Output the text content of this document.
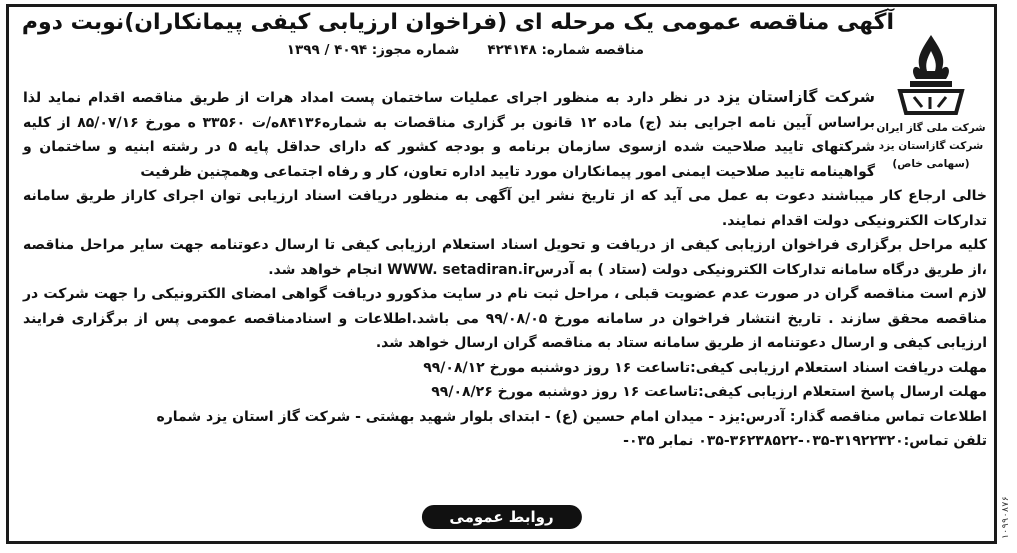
آگهی مناقصه عمومی یک مرحله ای (فراخوان ارزیابی کیفی پیمانکاران)نوبت دوم

مناقصه شماره: ۴۲۴۱۴۸شماره مجوز: ۴۰۹۴ / ۱۳۹۹

شرکت ملی گاز ایران
شرکت گازاستان یزد
(سهامی خاص)

شرکت گازاستان یزد در نظر دارد به منظور اجرای عملیات ساختمان پست امداد هرات از طریق مناقصه اقدام نماید لذا براساس آیین نامه اجرایی بند (ج) ماده ۱۲ قانون بر گزاری مناقصات به شماره۸۴۱۳۶ه/ت ۳۳۵۶۰ ه مورخ ۸۵/۰۷/۱۶ از کلیه شرکتهای تایید صلاحیت شده ازسوی سازمان برنامه و بودجه کشور که دارای حداقل پایه ۵ در رشته ابنیه و ساختمان و گواهینامه تایید صلاحیت ایمنی امور پیمانکاران مورد تایید اداره تعاون، کار و رفاه اجتماعی وهمچنین ظرفیت

خالی ارجاع کار میباشند دعوت به عمل می آید که از تاریخ نشر این آگهی به منظور دریافت اسناد ارزیابی توان اجرای کاراز طریق سامانه تدارکات الکترونیکی دولت اقدام نمایند.

کلیه مراحل برگزاری فراخوان ارزیابی کیفی از دریافت و تحویل اسناد استعلام ارزیابی کیفی تا ارسال دعوتنامه جهت سایر مراحل مناقصه ،از طریق درگاه سامانه تدارکات الکترونیکی دولت (ستاد ) به آدرسWWW. setadiran.ir انجام خواهد شد.

لازم است مناقصه گران در صورت عدم عضویت قبلی ، مراحل ثبت نام در سایت مذکورو دریافت گواهی امضای الکترونیکی را جهت شرکت در مناقصه محقق سازند . تاریخ انتشار فراخوان در سامانه مورخ ۹۹/۰۸/۰۵ می باشد.اطلاعات و اسنادمناقصه عمومی پس از برگزاری فرایند ارزیابی کیفی و ارسال دعوتنامه از طریق سامانه ستاد به مناقصه گران ارسال خواهد شد.

مهلت دریافت اسناد استعلام ارزیابی کیفی:تاساعت ۱۶ روز دوشنبه مورخ ۹۹/۰۸/۱۲

مهلت ارسال پاسخ استعلام ارزیابی کیفی:تاساعت ۱۶ روز دوشنبه مورخ ۹۹/۰۸/۲۶

اطلاعات تماس مناقصه گذار: آدرس:یزد - میدان امام حسین (ع) - ابتدای بلوار شهید بهشتی - شرکت گاز استان یزد شماره

تلفن تماس:۳۱۹۲۲۳۲۰-۰۳۵-۳۶۲۳۸۵۲۲-۰۳۵ نمابر ۰۳۵-

روابط عمومی	۱۰۹۹۰۸۷۶
